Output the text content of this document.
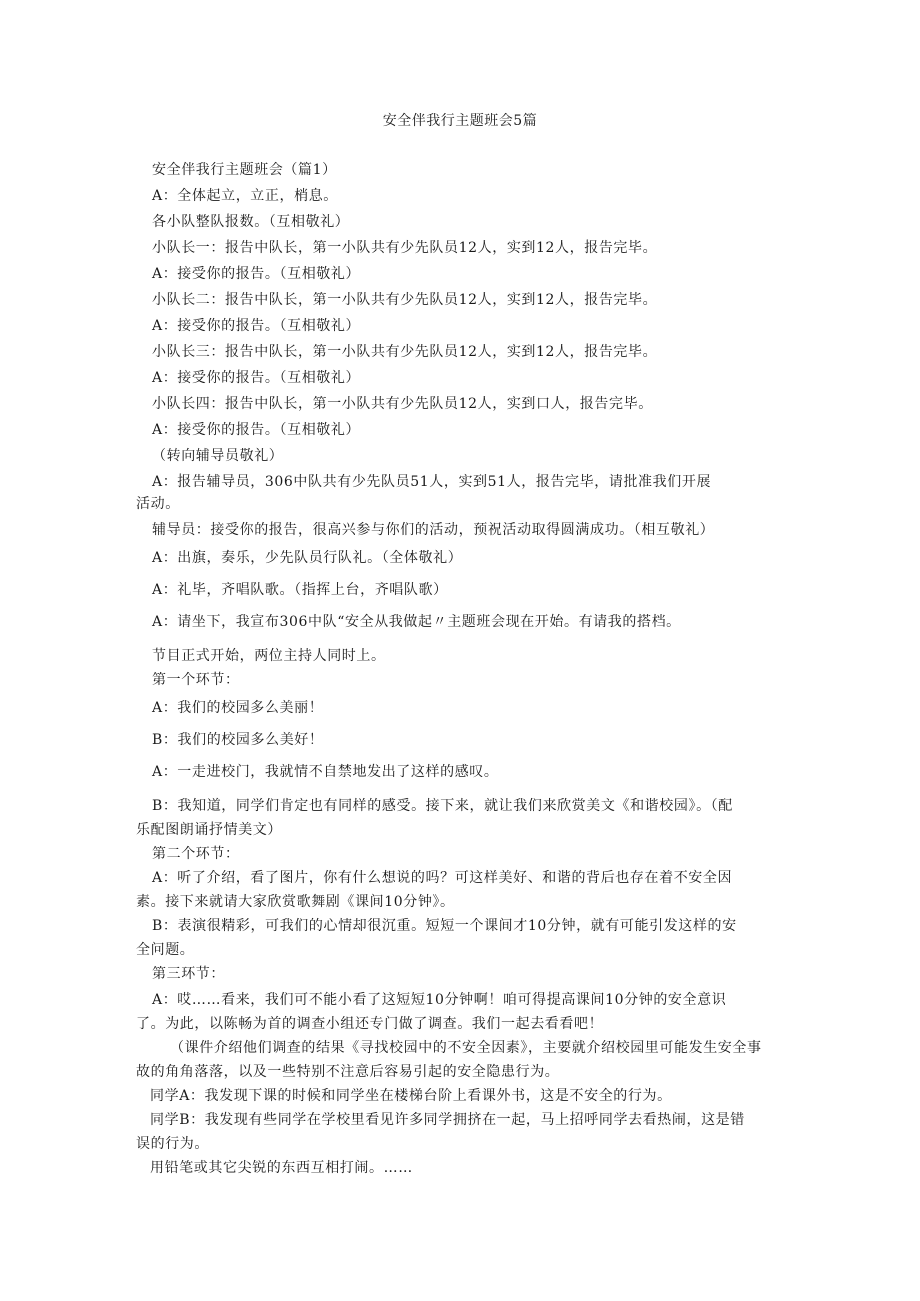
安全伴我行主题班会5篇
安全伴我行主题班会（篇1）
A：全体起立，立正，梢息。
各小队整队报数。（互相敬礼）
小队长一：报告中队长，第一小队共有少先队员12人，实到12人，报告完毕。
A：接受你的报告。（互相敬礼）
小队长二：报告中队长，第一小队共有少先队员12人，实到12人，报告完毕。
A：接受你的报告。（互相敬礼）
小队长三：报告中队长，第一小队共有少先队员12人，实到12人，报告完毕。
A：接受你的报告。（互相敬礼）
小队长四：报告中队长，第一小队共有少先队员12人，实到口人，报告完毕。
A：接受你的报告。（互相敬礼）
（转向辅导员敬礼）
A：报告辅导员，306中队共有少先队员51人，实到51人，报告完毕，请批准我们开展
活动。
辅导员：接受你的报告，很高兴参与你们的活动，预祝活动取得圆满成功。（相互敬礼）
A：出旗，奏乐，少先队员行队礼。（全体敬礼）
A：礼毕，齐唱队歌。（指挥上台，齐唱队歌）
A：请坐下，我宣布306中队“安全从我做起〃主题班会现在开始。有请我的搭档。
节目正式开始，两位主持人同时上。
第一个环节：
A：我们的校园多么美丽！
B：我们的校园多么美好！
A：一走进校门，我就情不自禁地发出了这样的感叹。
B：我知道，同学们肯定也有同样的感受。接下来，就让我们来欣赏美文《和谐校园》。（配
乐配图朗诵抒情美文）
第二个环节：
A：听了介绍，看了图片，你有什么想说的吗？可这样美好、和谐的背后也存在着不安全因
素。接下来就请大家欣赏歌舞剧《课间10分钟》。
B：表演很精彩，可我们的心情却很沉重。短短一个课间才10分钟，就有可能引发这样的安
全问题。
第三环节：
A：哎……看来，我们可不能小看了这短短10分钟啊！咱可得提高课间10分钟的安全意识
了。为此，以陈畅为首的调查小组还专门做了调查。我们一起去看看吧！
（课件介绍他们调查的结果《寻找校园中的不安全因素》，主要就介绍校园里可能发生安全事
故的角角落落，以及一些特别不注意后容易引起的安全隐患行为。
同学A：我发现下课的时候和同学坐在楼梯台阶上看课外书，这是不安全的行为。
同学B：我发现有些同学在学校里看见许多同学拥挤在一起，马上招呼同学去看热闹，这是错
误的行为。
用铅笔或其它尖锐的东西互相打闹。……
